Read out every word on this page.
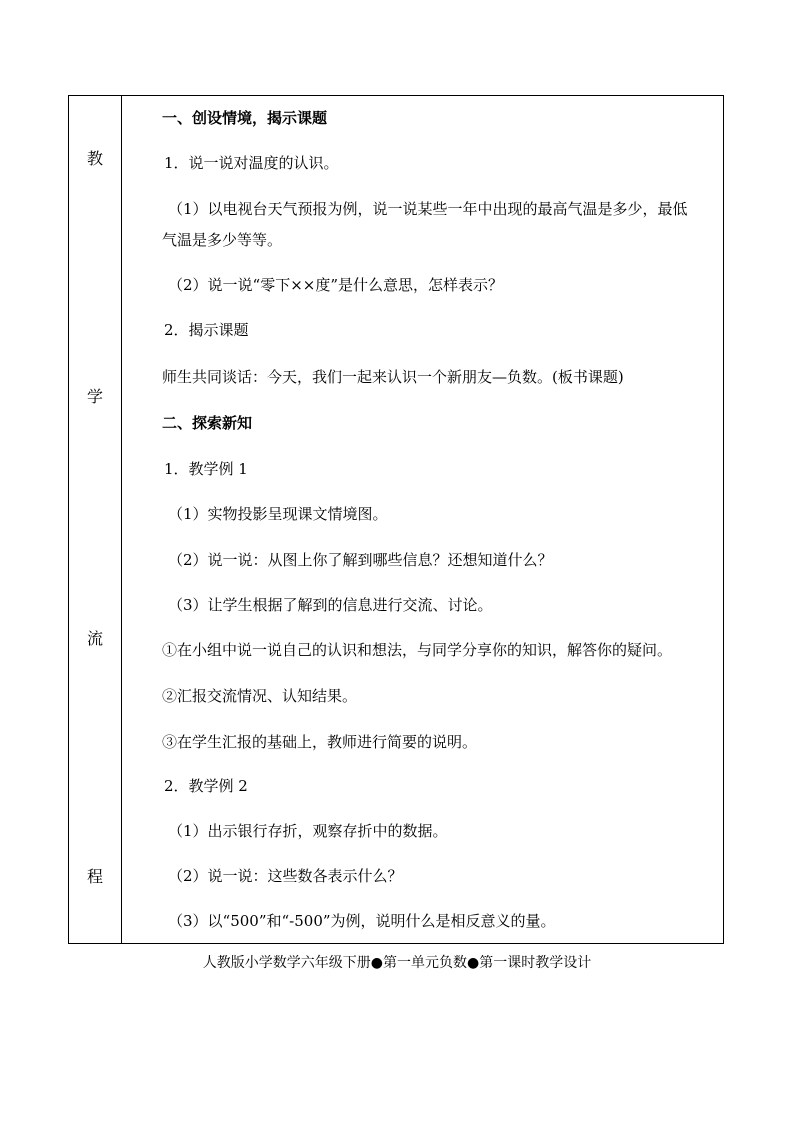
教
学
流
程
一、创设情境，揭示课题
1．说一说对温度的认识。
（1）以电视台天气预报为例，说一说某些一年中出现的最高气温是多少，最低
气温是多少等等。
（2）说一说“零下××度”是什么意思，怎样表示？
2．揭示课题
师生共同谈话：今天，我们一起来认识一个新朋友—负数。(板书课题)
二、探索新知
1．教学例 1
（1）实物投影呈现课文情境图。
（2）说一说：从图上你了解到哪些信息？还想知道什么？
（3）让学生根据了解到的信息进行交流、讨论。
①在小组中说一说自己的认识和想法，与同学分享你的知识，解答你的疑问。
②汇报交流情况、认知结果。
③在学生汇报的基础上，教师进行简要的说明。
2．教学例 2
（1）出示银行存折，观察存折中的数据。
（2）说一说：这些数各表示什么？
（3）以“500”和“-500”为例，说明什么是相反意义的量。
人教版小学数学六年级下册●第一单元负数●第一课时教学设计
